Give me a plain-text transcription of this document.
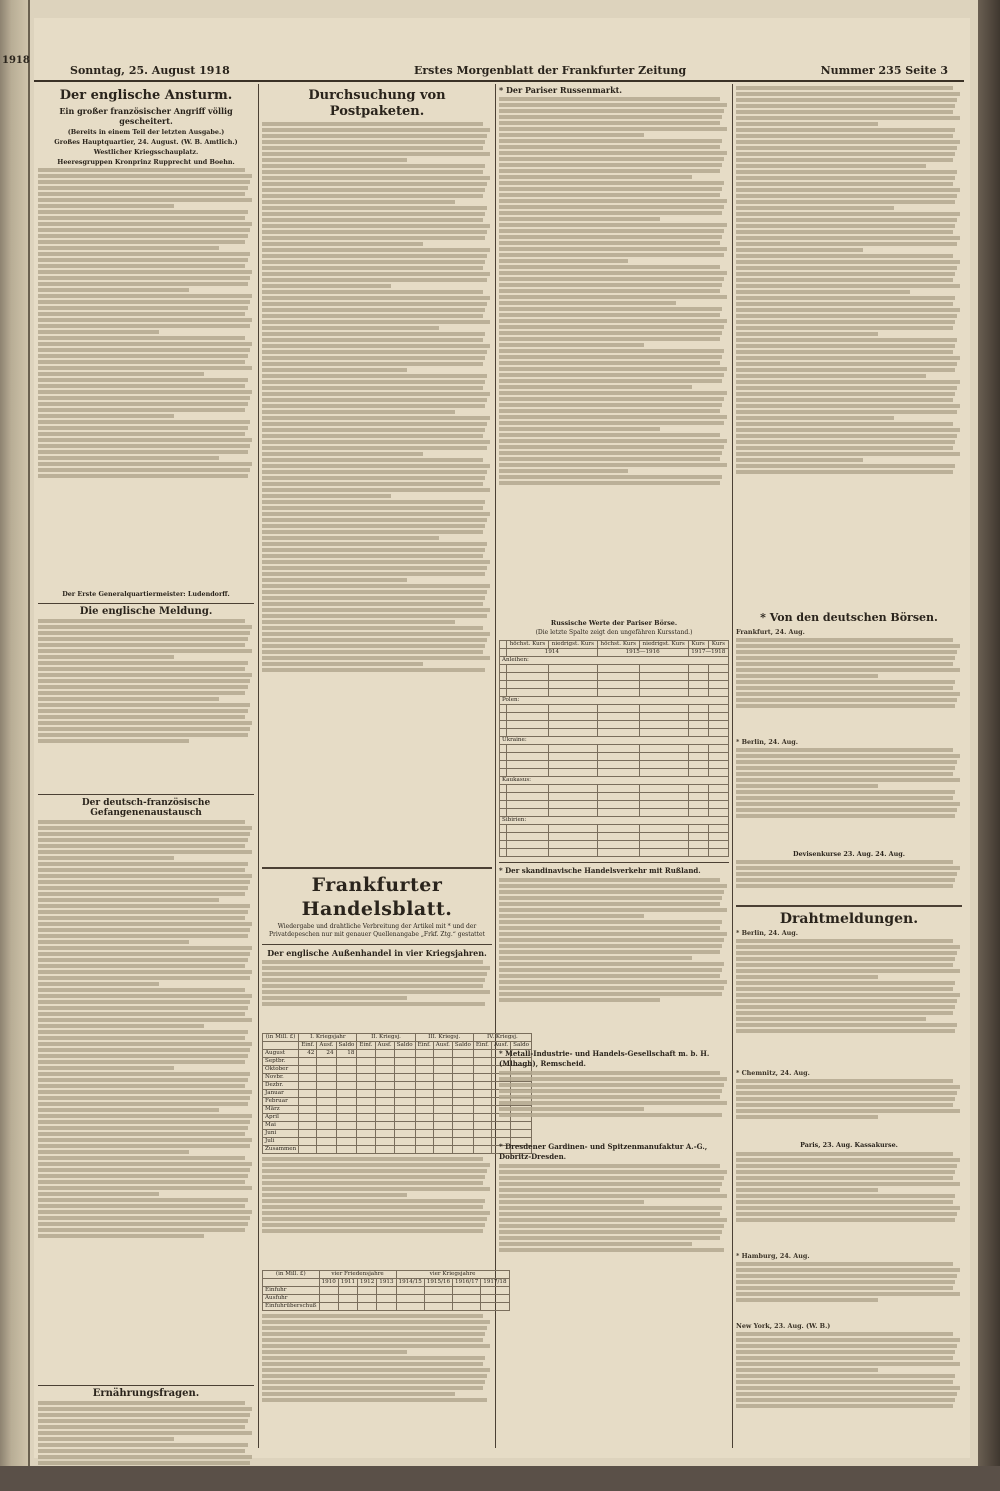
1918
Sonntag, 25. August 1918	Erstes Morgenblatt der Frankfurter Zeitung	Nummer 235 Seite 3
Der englische Ansturm.
Ein großer französischer Angriff völlig gescheitert.
(Bereits in einem Teil der letzten Ausgabe.)
Großes Hauptquartier, 24. August. (W. B. Amtlich.)
Westlicher Kriegsschauplatz.
Heeresgruppen Kronprinz Rupprecht und Boehn.
Der Erste Generalquartiermeister: Ludendorff.
Die englische Meldung.
Der deutsch-französische Gefangenenaustausch
Ernährungsfragen.
Durchsuchung von Postpaketen.
Frankfurter Handelsblatt.
Wiedergabe und drahtliche Verbreitung der Artikel mit * und der Privatdepeschen nur mit genauer Quellenangabe „Frkf. Ztg.“ gestattet
Der englische Außenhandel in vier Kriegsjahren.
(in Mill. £)	I. Kriegsjahr			II. Kriegsj.			III. Kriegsj.			IV. Kriegsj.		
	Einf.	Ausf.	Saldo	Einf.	Ausf.	Saldo	Einf.	Ausf.	Saldo	Einf.	Ausf.	Saldo
August	42	24	18									
Septbr.												
Oktober												
Novbr.												
Dezbr.												
Januar												
Februar												
März												
April												
Mai												
Juni												
Juli												
Zusammen												
(in Mill. £)	vier Friedensjahre				vier Kriegsjahre			
	1910	1911	1912	1913	1914/15	1915/16	1916/17	1917/18
Einfuhr								
Ausfuhr								
Einfuhrüberschuß								
* Der Pariser Russenmarkt.
Russische Werte der Pariser Börse.
(Die letzte Spalte zeigt den ungefähren Kursstand.)
	höchst. Kurs	niedrigst. Kurs	höchst. Kurs	niedrigst. Kurs	Kurs	Kurs
	1914		1915—1916		1917—1918	
Anleihen:						

Polen:						

Ukraine:						

Kaukasus:						

Sibirien:						

* Der skandinavische Handelsverkehr mit Rußland.
* Metall-Industrie- und Handels-Gesellschaft m. b. H. (Mlhagh), Remscheid.
* Dresdener Gardinen- und Spitzenmanufaktur A.-G., Dobritz-Dresden.
* Von den deutschen Börsen.
Frankfurt, 24. Aug.
* Berlin, 24. Aug.
Devisenkurse 23. Aug. 24. Aug.
Drahtmeldungen.
* Berlin, 24. Aug.
* Chemnitz, 24. Aug.
Paris, 23. Aug. Kassakurse.
* Hamburg, 24. Aug.
New York, 23. Aug. (W. B.)
